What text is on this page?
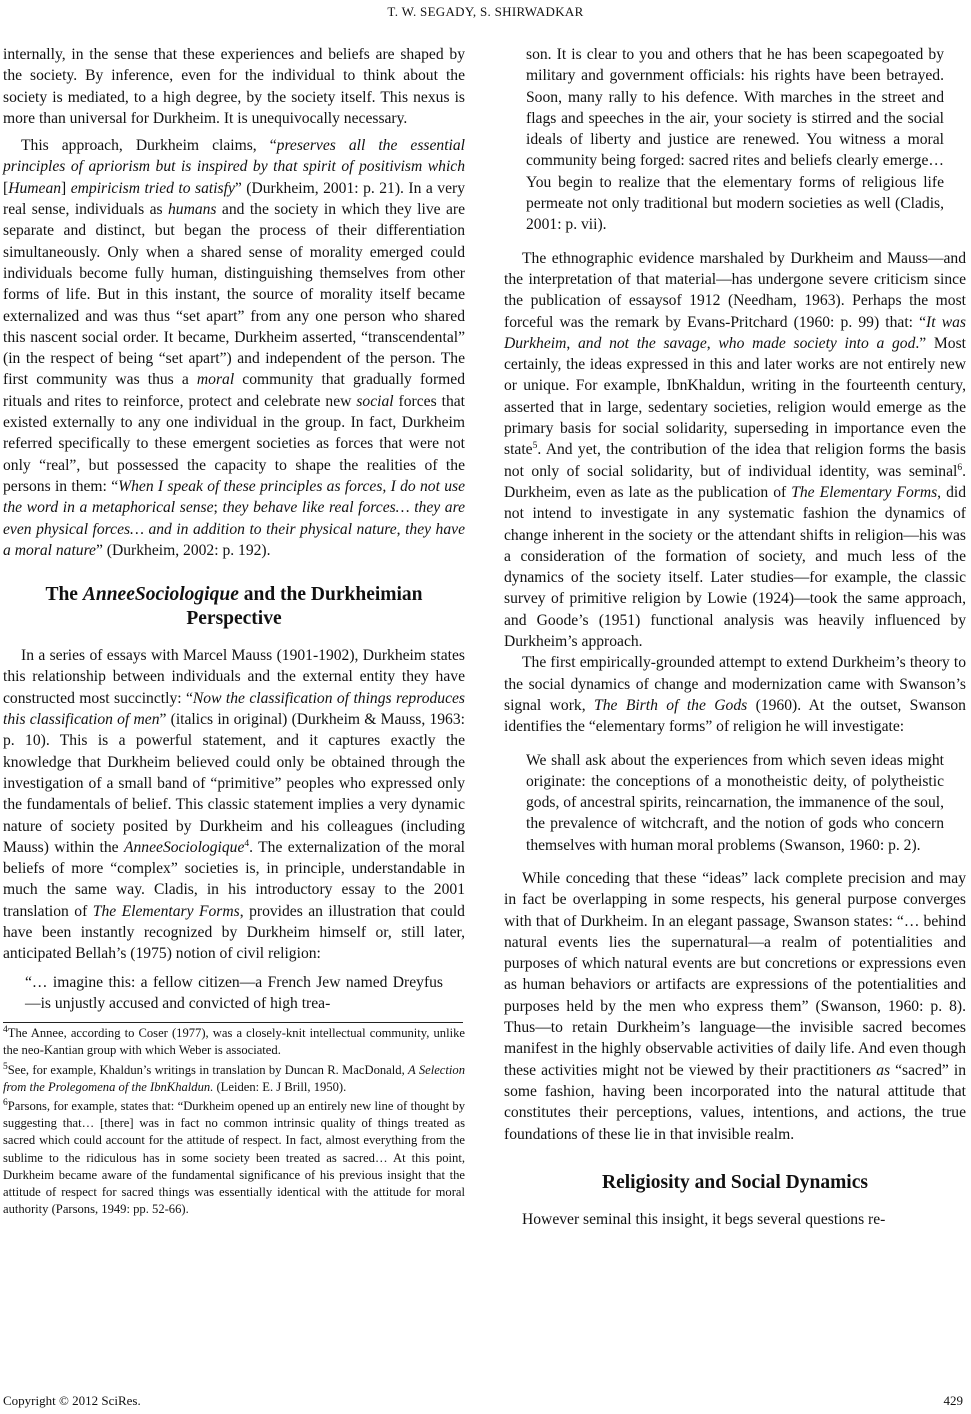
T. W. SEGADY, S. SHIRWADKAR

internally, in the sense that these experiences and beliefs are shaped by the society. By inference, even for the individual to think about the society is mediated, to a high degree, by the society itself. This nexus is more than universal for Durkheim. It is unequivocally necessary.

This approach, Durkheim claims, “preserves all the essential principles of apriorism but is inspired by that spirit of positivism which [Humean] empiricism tried to satisfy” (Durkheim, 2001: p. 21). In a very real sense, individuals as humans and the society in which they live are separate and distinct, but began the process of their differentiation simultaneously. Only when a shared sense of morality emerged could individuals become fully human, distinguishing themselves from other forms of life. But in this instant, the source of morality itself became externalized and was thus “set apart” from any one person who shared this nascent social order. It became, Durkheim asserted, “transcendental” (in the respect of being “set apart”) and independent of the person. The first community was thus a moral community that gradually formed rituals and rites to reinforce, protect and celebrate new social forces that existed externally to any one individual in the group. In fact, Durkheim referred specifically to these emergent societies as forces that were not only “real”, but possessed the capacity to shape the realities of the persons in them: “When I speak of these principles as forces, I do not use the word in a metaphorical sense; they behave like real forces… they are even physical forces… and in addition to their physical nature, they have a moral nature” (Durkheim, 2002: p. 192).

The AnneeSociologique and the Durkheimian Perspective

In a series of essays with Marcel Mauss (1901-1902), Durkheim states this relationship between individuals and the external entity they have constructed most succinctly: “Now the classification of things reproduces this classification of men” (italics in original) (Durkheim & Mauss, 1963: p. 10). This is a powerful statement, and it captures exactly the knowledge that Durkheim believed could only be obtained through the investigation of a small band of “primitive” peoples who expressed only the fundamentals of belief. This classic statement implies a very dynamic nature of society posited by Durkheim and his colleagues (including Mauss) within the AnneeSociologique$^4$. The externalization of the moral beliefs of more “complex” societies is, in principle, understandable in much the same way. Cladis, in his introductory essay to the 2001 translation of The Elementary Forms, provides an illustration that could have been instantly recognized by Durkheim himself or, still later, anticipated Bellah’s (1975) notion of civil religion:

“… imagine this: a fellow citizen—a French Jew named Dreyfus—is unjustly accused and convicted of high trea-

$^4$The Annee, according to Coser (1977), was a closely-knit intellectual community, unlike the neo-Kantian group with which Weber is associated.

$^5$See, for example, Khaldun’s writings in translation by Duncan R. MacDonald, A Selection from the Prolegomena of the IbnKhaldun. (Leiden: E. J Brill, 1950).

$^6$Parsons, for example, states that: “Durkheim opened up an entirely new line of thought by suggesting that… [there] was in fact no common intrinsic quality of things treated as sacred which could account for the attitude of respect. In fact, almost everything from the sublime to the ridiculous has in some society been treated as sacred… At this point, Durkheim became aware of the fundamental significance of his previous insight that the attitude of respect for sacred things was essentially identical with the attitude for moral authority (Parsons, 1949: pp. 52-66).

son. It is clear to you and others that he has been scapegoated by military and government officials: his rights have been betrayed. Soon, many rally to his defence. With marches in the street and flags and speeches in the air, your society is stirred and the social ideals of liberty and justice are renewed. You witness a moral community being forged: sacred rites and beliefs clearly emerge… You begin to realize that the elementary forms of religious life permeate not only traditional but modern societies as well (Cladis, 2001: p. vii).

The ethnographic evidence marshaled by Durkheim and Mauss—and the interpretation of that material—has undergone severe criticism since the publication of essaysof 1912 (Needham, 1963). Perhaps the most forceful was the remark by Evans-Pritchard (1960: p. 99) that: “It was Durkheim, and not the savage, who made society into a god.” Most certainly, the ideas expressed in this and later works are not entirely new or unique. For example, IbnKhaldun, writing in the fourteenth century, asserted that in large, sedentary societies, religion would emerge as the primary basis for social solidarity, superseding in importance even the state$^5$. And yet, the contribution of the idea that religion forms the basis not only of social solidarity, but of individual identity, was seminal$^6$. Durkheim, even as late as the publication of The Elementary Forms, did not intend to investigate in any systematic fashion the dynamics of change inherent in the society or the attendant shifts in religion—his was a consideration of the formation of society, and much less of the dynamics of the society itself. Later studies—for example, the classic survey of primitive religion by Lowie (1924)—took the same approach, and Goode’s (1951) functional analysis was heavily influenced by Durkheim’s approach.

The first empirically-grounded attempt to extend Durkheim’s theory to the social dynamics of change and modernization came with Swanson’s signal work, The Birth of the Gods (1960). At the outset, Swanson identifies the “elementary forms” of religion he will investigate:

We shall ask about the experiences from which seven ideas might originate: the conceptions of a monotheistic deity, of polytheistic gods, of ancestral spirits, reincarnation, the immanence of the soul, the prevalence of witchcraft, and the notion of gods who concern themselves with human moral problems (Swanson, 1960: p. 2).

While conceding that these “ideas” lack complete precision and may in fact be overlapping in some respects, his general purpose converges with that of Durkheim. In an elegant passage, Swanson states: “… behind natural events lies the supernatural—a realm of potentialities and purposes of which natural events are but concretions or expressions even as human behaviors or artifacts are expressions of the potentialities and purposes held by the men who express them” (Swanson, 1960: p. 8). Thus—to retain Durkheim’s language—the invisible sacred becomes manifest in the highly observable activities of daily life. And even though these activities might not be viewed by their practitioners as “sacred” in some fashion, having been incorporated into the natural attitude that constitutes their perceptions, values, intentions, and actions, the true foundations of these lie in that invisible realm.

Religiosity and Social Dynamics

However seminal this insight, it begs several questions re-

Copyright © 2012 SciRes.	429
